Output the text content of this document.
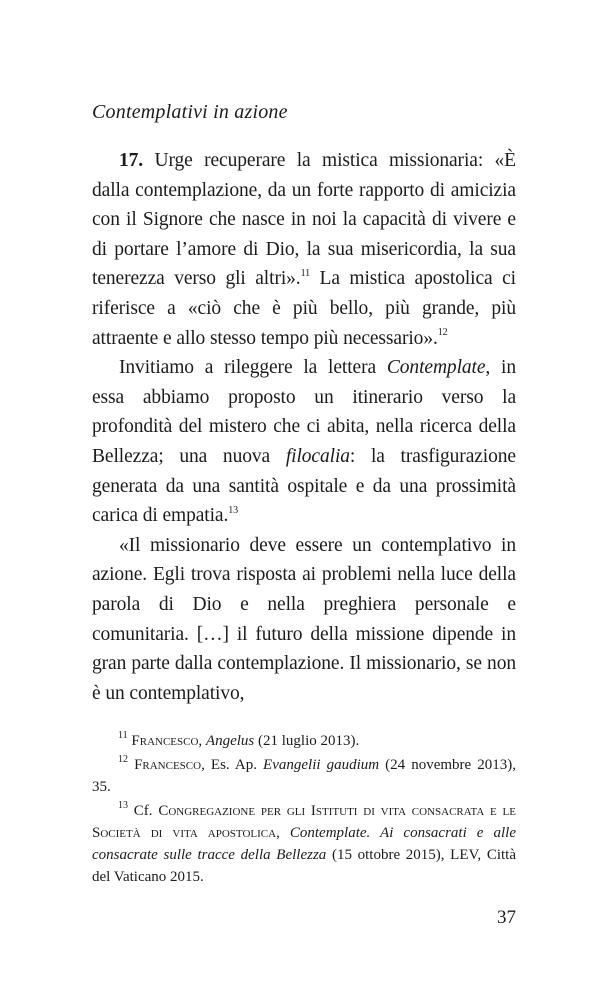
Contemplativi in azione

17. Urge recuperare la mistica missionaria: «È dalla contemplazione, da un forte rapporto di amicizia con il Signore che nasce in noi la capacità di vivere e di portare l’amore di Dio, la sua misericordia, la sua tenerezza verso gli altri».$^{11}$ La mistica apostolica ci riferisce a «ciò che è più bello, più grande, più attraente e allo stesso tempo più necessario».$^{12}$

Invitiamo a rileggere la lettera Contemplate, in essa abbiamo proposto un itinerario verso la profondità del mistero che ci abita, nella ricerca della Bellezza; una nuova filocalia: la trasfigurazione generata da una santità ospitale e da una prossimità carica di empatia.$^{13}$

«Il missionario deve essere un contemplativo in azione. Egli trova risposta ai problemi nella luce della parola di Dio e nella preghiera personale e comunitaria. […] il futuro della missione dipende in gran parte dalla contemplazione. Il missionario, se non è un contemplativo,

$^{11}$ Francesco, Angelus (21 luglio 2013).

$^{12}$ Francesco, Es. Ap. Evangelii gaudium (24 novembre 2013), 35.

$^{13}$ Cf. Congregazione per gli Istituti di vita consacrata e le Società di vita apostolica, Contemplate. Ai consacrati e alle consacrate sulle tracce della Bellezza (15 ottobre 2015), LEV, Città del Vaticano 2015.

37
